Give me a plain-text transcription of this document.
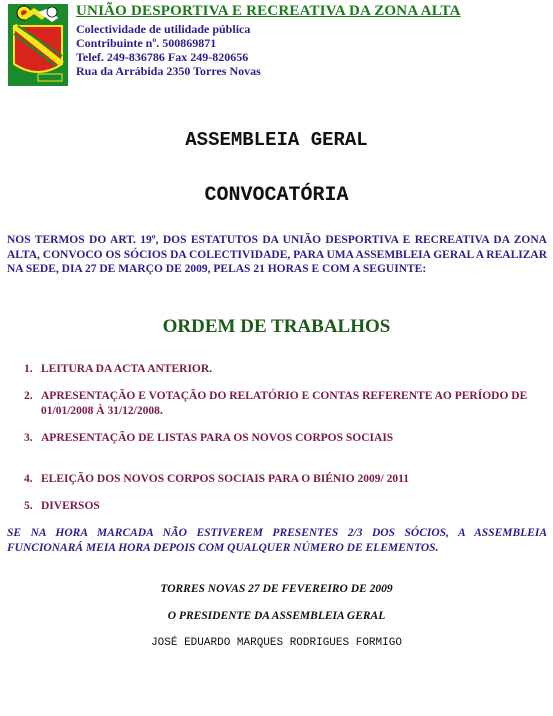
UNIÃO DESPORTIVA E RECREATIVA DA ZONA ALTA
Colectividade de utilidade pública
Contribuinte nº. 500869871
Telef. 249-836786 Fax 249-820656
Rua da Arrábida 2350 Torres Novas
ASSEMBLEIA GERAL
CONVOCATÓRIA
NOS TERMOS DO ART. 19º, DOS ESTATUTOS DA UNIÃO DESPORTIVA E RECREATIVA DA ZONA ALTA, CONVOCO OS SÓCIOS DA COLECTIVIDADE, PARA UMA ASSEMBLEIA GERAL A REALIZAR NA SEDE, DIA 27 DE MARÇO DE 2009, PELAS 21 HORAS E COM A SEGUINTE:
ORDEM DE TRABALHOS
1. LEITURA DA ACTA ANTERIOR.
2. APRESENTAÇÃO E VOTAÇÃO DO RELATÓRIO E CONTAS REFERENTE AO PERÍODO DE 01/01/2008 À 31/12/2008.
3. APRESENTAÇÃO DE LISTAS PARA OS NOVOS CORPOS SOCIAIS
4. ELEIÇÃO DOS NOVOS CORPOS SOCIAIS PARA O BIÉNIO 2009/ 2011
5. DIVERSOS
SE NA HORA MARCADA NÃO ESTIVEREM PRESENTES 2/3 DOS SÓCIOS, A ASSEMBLEIA FUNCIONARÁ MEIA HORA DEPOIS COM QUALQUER NÚMERO DE ELEMENTOS.
TORRES NOVAS 27 DE FEVEREIRO DE 2009
O PRESIDENTE DA ASSEMBLEIA GERAL
JOSÉ EDUARDO MARQUES RODRIGUES FORMIGO
